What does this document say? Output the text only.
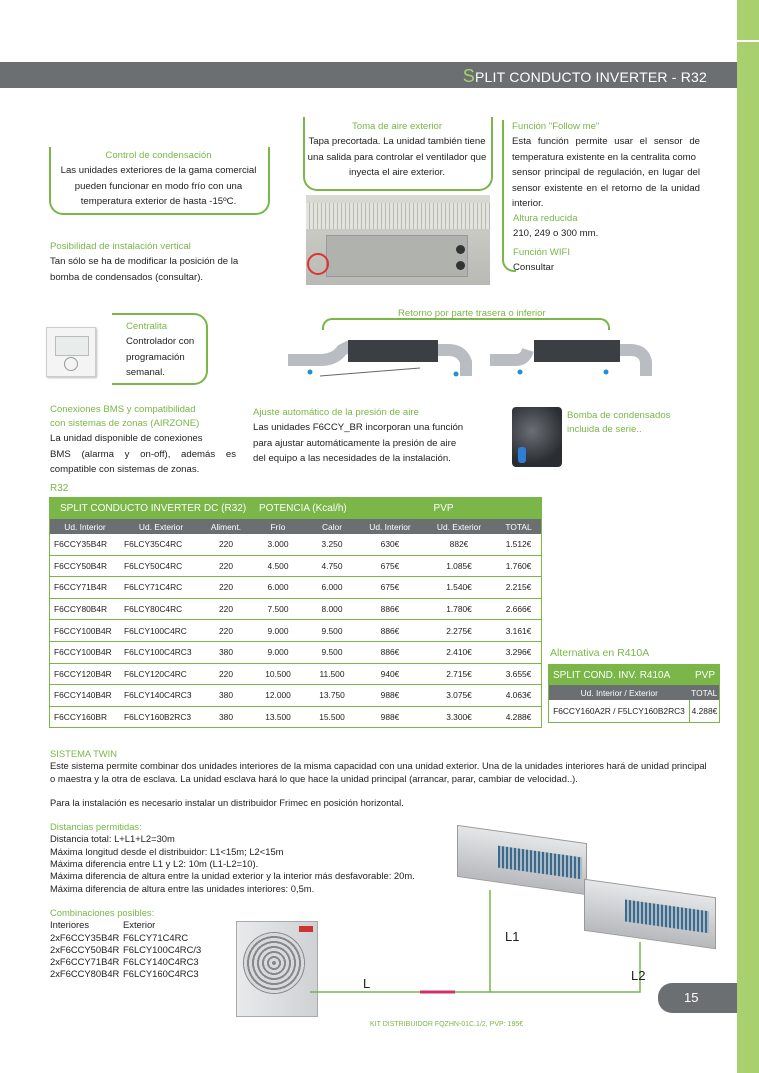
SPLIT CONDUCTO INVERTER - R32
Control de condensación
Las unidades exteriores de la gama comercial
pueden funcionar en modo frío con una
temperatura exterior de hasta -15ºC.
Toma de aire exterior
Tapa precortada. La unidad también tiene
una salida para controlar el ventilador que
inyecta el aire exterior.
Función "Follow me"
Esta función permite usar el sensor de
temperatura existente en la centralita como
sensor principal de regulación, en lugar del
sensor existente en el retorno de la unidad
interior.
Altura reducida
210, 249 o 300 mm.
Función WIFI
Consultar
Posibilidad de instalación vertical
Tan sólo se ha de modificar la posición de la
bomba de condensados (consultar).
Centralita
Controlador con
programación
semanal.
Retorno por parte trasera o inferior
Conexiones BMS y compatibilidad
con sistemas de zonas (AIRZONE)
La unidad disponible de conexiones
BMS (alarma y on-off), además es
compatible con sistemas de zonas.
Ajuste automático de la presión de aire
Las unidades F6CCY_BR incorporan una función
para ajustar automáticamente la presión de aire
del equipo a las necesidades de la instalación.
Bomba de condensados
incluida de serie..
R32
SPLIT CONDUCTO INVERTER DC (R32) POTENCIA (Kcal/h) PVP							
Ud. Interior	Ud. Exterior	Aliment.	Frío	Calor	Ud. Interior	Ud. Exterior	TOTAL
F6CCY35B4R	F6LCY35C4RC	220	3.000	3.250	630€	882€	1.512€
F6CCY50B4R	F6LCY50C4RC	220	4.500	4.750	675€	1.085€	1.760€
F6CCY71B4R	F6LCY71C4RC	220	6.000	6.000	675€	1.540€	2.215€
F6CCY80B4R	F6LCY80C4RC	220	7.500	8.000	886€	1.780€	2.666€
F6CCY100B4R	F6LCY100C4RC	220	9.000	9.500	886€	2.275€	3.161€
F6CCY100B4R	F6LCY100C4RC3	380	9.000	9.500	886€	2.410€	3.296€
F6CCY120B4R	F6LCY120C4RC	220	10.500	11.500	940€	2.715€	3.655€
F6CCY140B4R	F6LCY140C4RC3	380	12.000	13.750	988€	3.075€	4.063€
F6CCY160BR	F6LCY160B2RC3	380	13.500	15.500	988€	3.300€	4.288€
Alternativa en R410A
SPLIT COND. INV. R410A PVP	

Ud. Interior / Exterior	TOTAL
F6CCY160A2R / F5LCY160B2RC3	4.288€
SISTEMA TWIN
Este sistema permite combinar dos unidades interiores de la misma capacidad con una unidad exterior. Una de la unidades interiores hará de unidad principal
o maestra y la otra de esclava. La unidad esclava hará lo que hace la unidad principal (arrancar, parar, cambiar de velocidad..).
Para la instalación es necesario instalar un distribuidor Frimec en posición horizontal.
Distancias permitidas:
Distancia total: L+L1+L2=30m
Máxima longitud desde el distribuidor: L1<15m; L2<15m
Máxima diferencia entre L1 y L2: 10m (L1-L2=10).
Máxima diferencia de altura entre la unidad exterior y la interior más desfavorable: 20m.
Máxima diferencia de altura entre las unidades interiores: 0,5m.
Combinaciones posibles:
Interiores	Exterior
2xF6CCY35B4R F6LCY71C4RC
2xF6CCY50B4R F6LCY100C4RC/3
2xF6CCY71B4R F6LCY140C4RC3
2xF6CCY80B4R F6LCY160C4RC3
L
L1
L2
KIT DISTRIBUIDOR FQZHN-01C.1/2, PVP: 195€
15
